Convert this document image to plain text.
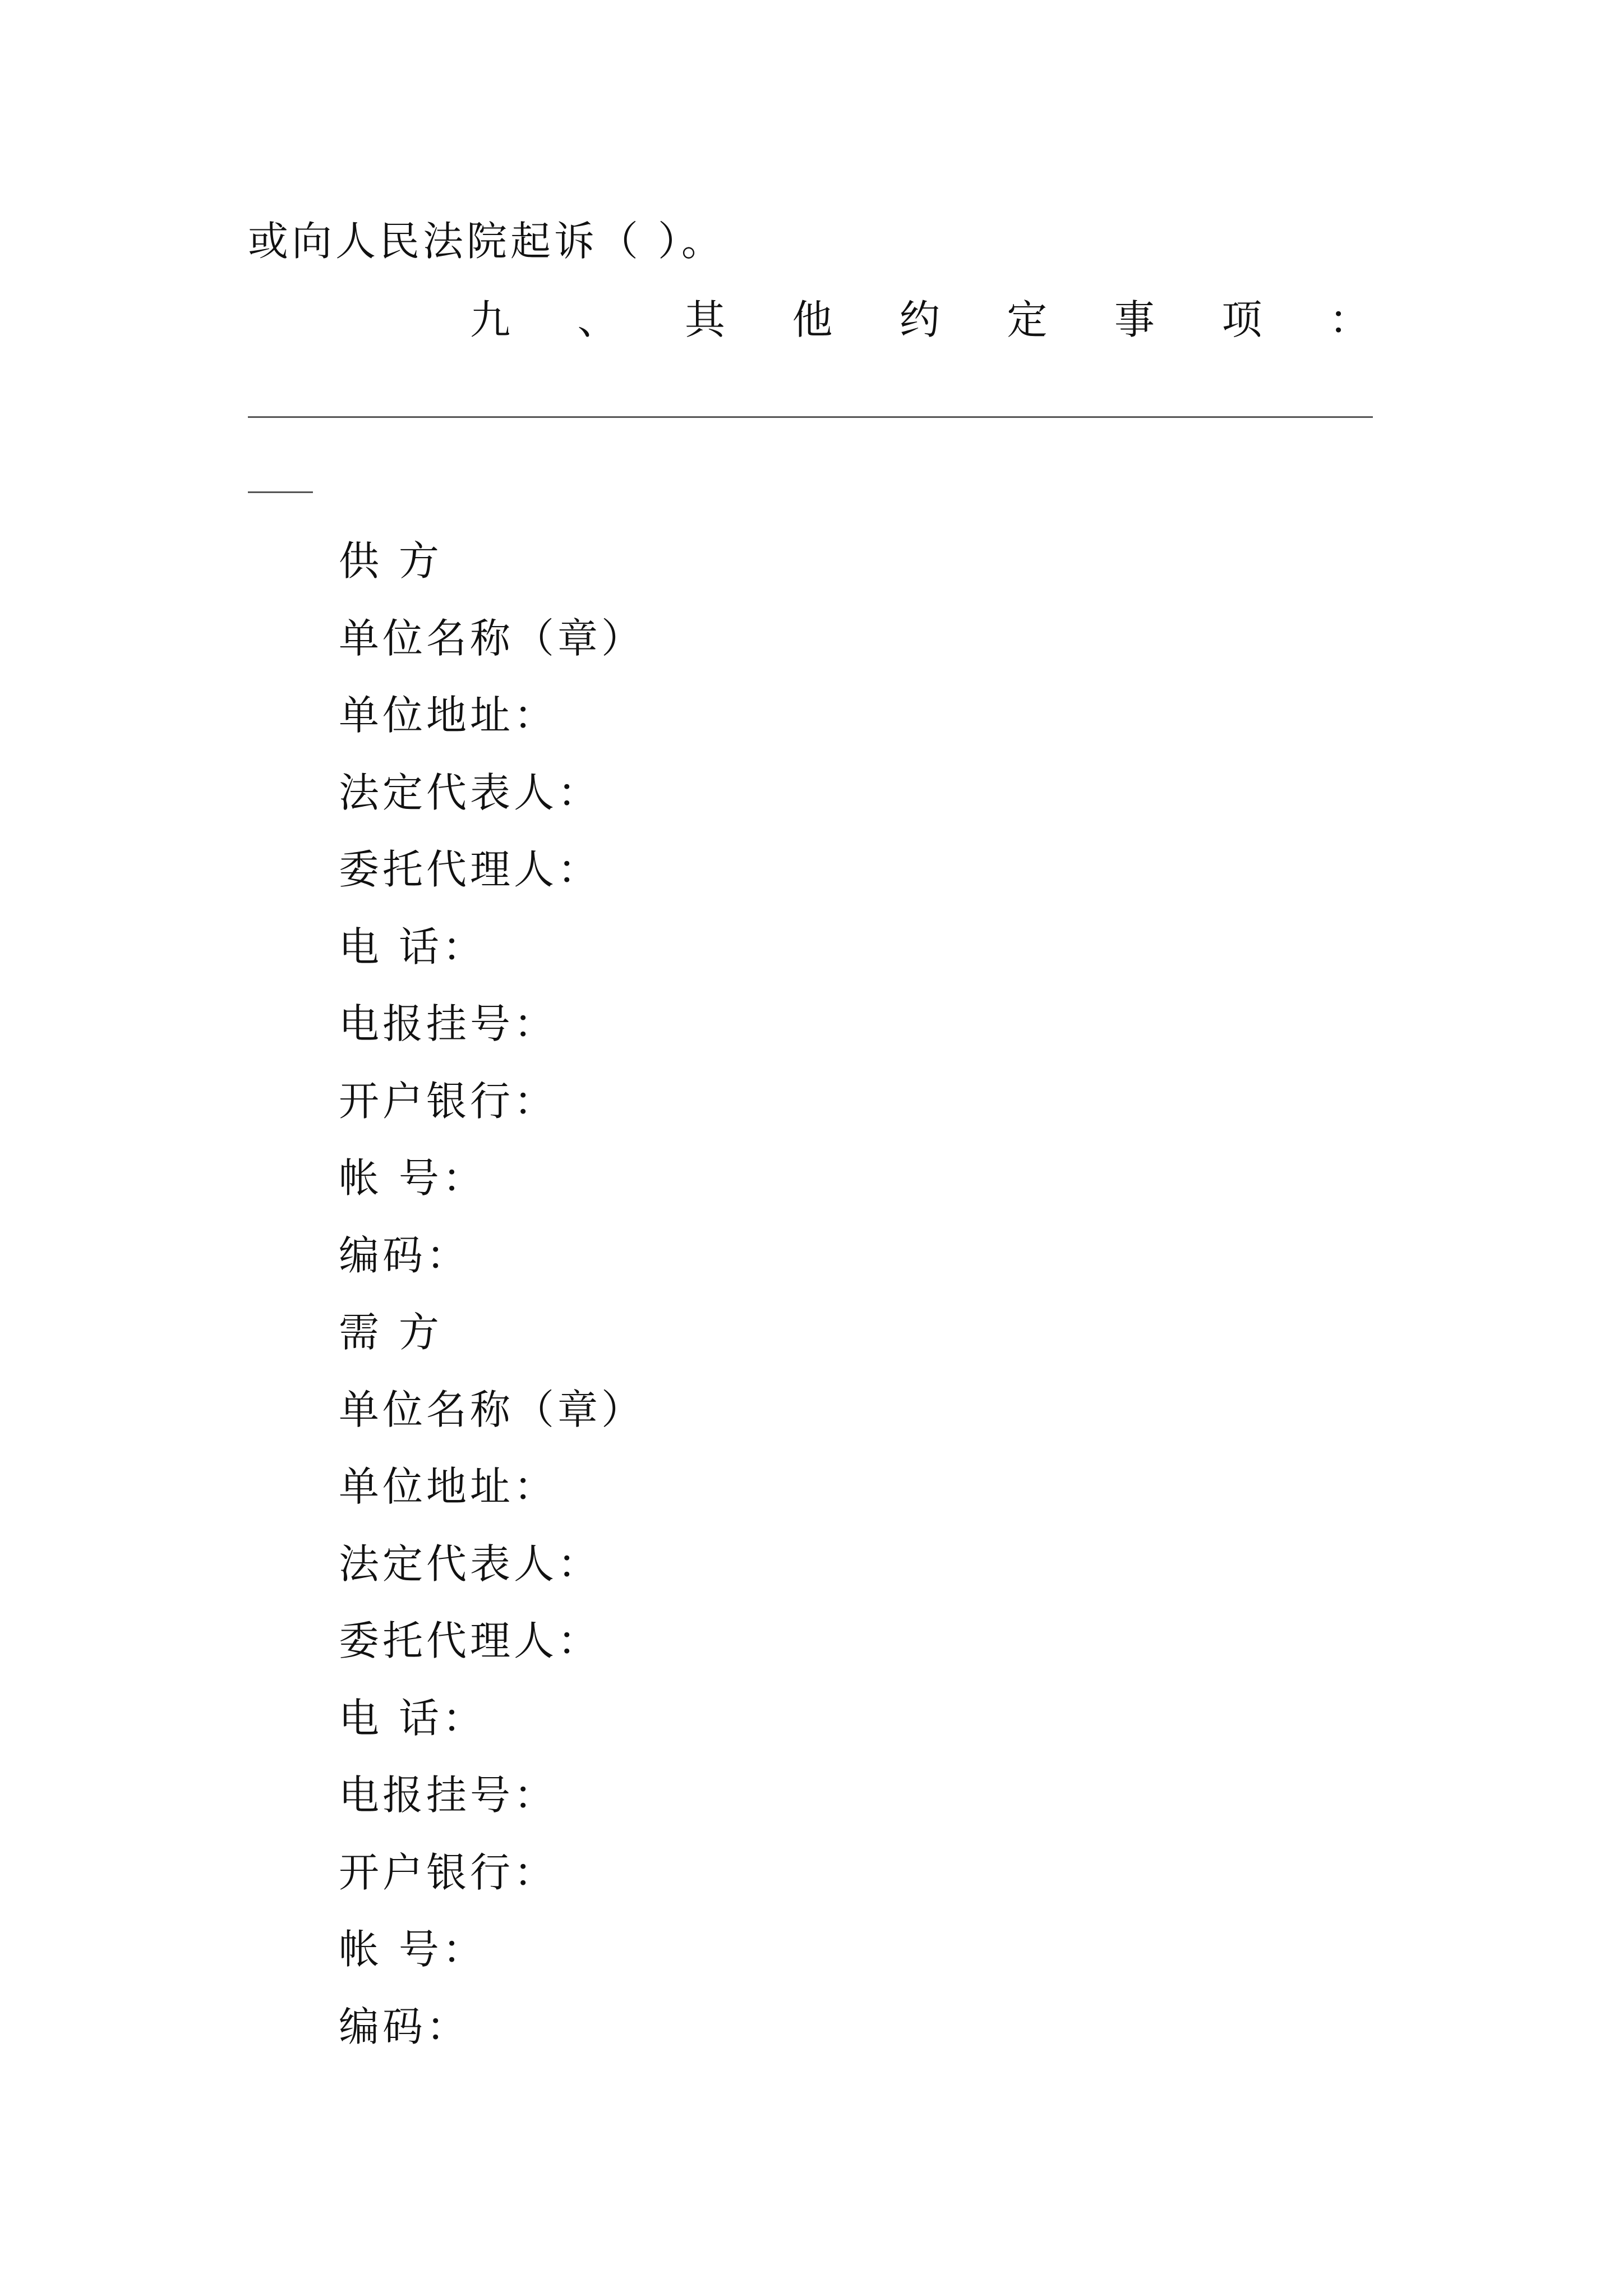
或向人民法院起诉（ ）。
九 、 其 他 约 定 事 项 ：
供 方
单位名称（章）
单位地址：
法定代表人：
委托代理人：
电 话：
电报挂号：
开户银行：
帐 号：
编码：
需 方
单位名称（章）
单位地址：
法定代表人：
委托代理人：
电 话：
电报挂号：
开户银行：
帐 号：
编码：
